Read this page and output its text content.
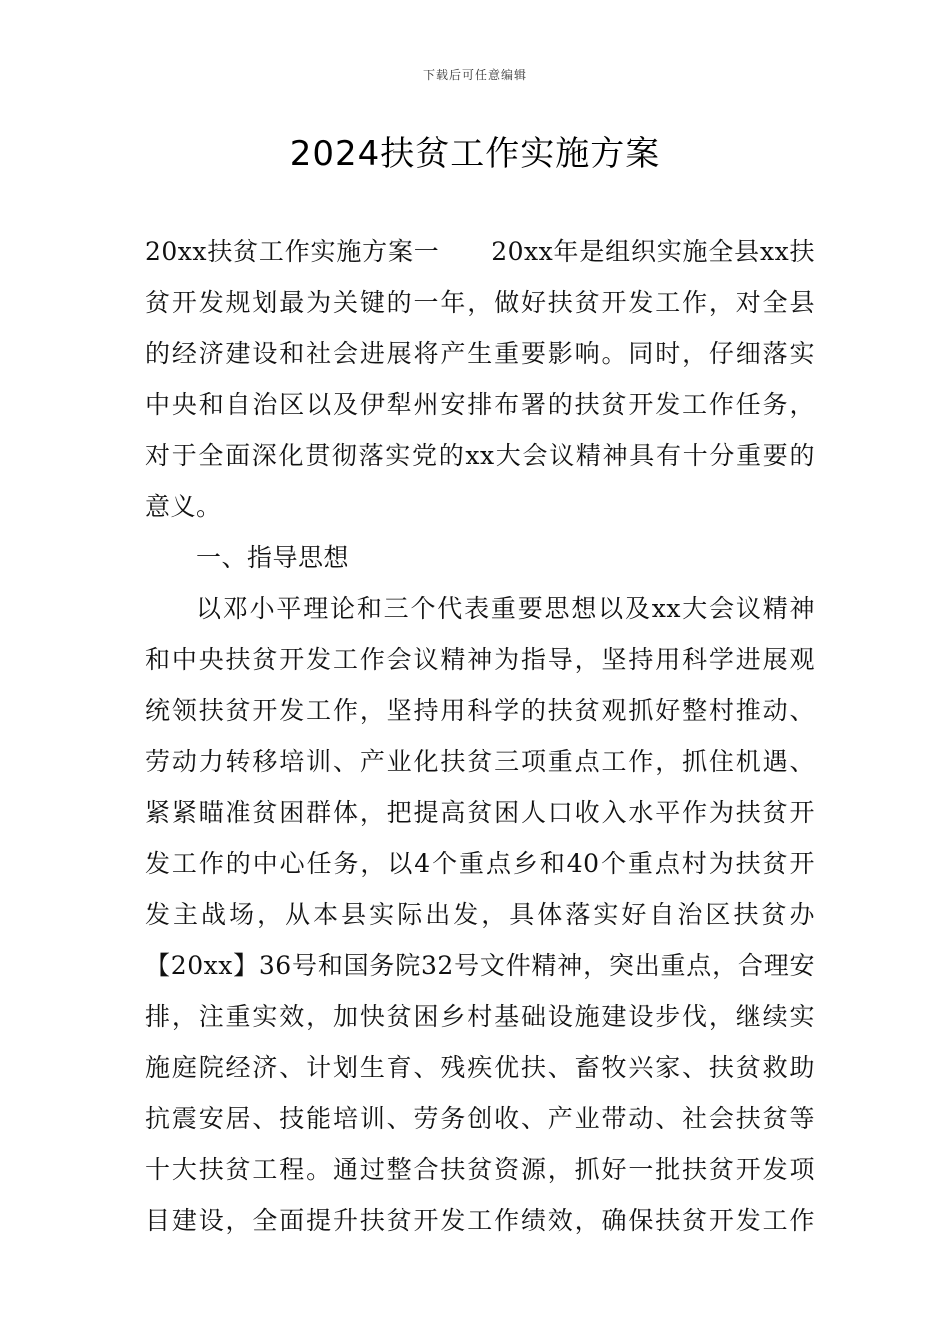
下载后可任意编辑
2024扶贫工作实施方案
20xx扶贫工作实施方案一　　20xx年是组织实施全县xx扶
贫开发规划最为关键的一年，做好扶贫开发工作，对全县
的经济建设和社会进展将产生重要影响。同时，仔细落实
中央和自治区以及伊犁州安排布署的扶贫开发工作任务，
对于全面深化贯彻落实党的xx大会议精神具有十分重要的
意义。
一、指导思想
以邓小平理论和三个代表重要思想以及xx大会议精神
和中央扶贫开发工作会议精神为指导，坚持用科学进展观
统领扶贫开发工作，坚持用科学的扶贫观抓好整村推动、
劳动力转移培训、产业化扶贫三项重点工作，抓住机遇、
紧紧瞄准贫困群体，把提高贫困人口收入水平作为扶贫开
发工作的中心任务，以4个重点乡和40个重点村为扶贫开
发主战场，从本县实际出发，具体落实好自治区扶贫办
【20xx】36号和国务院32号文件精神，突出重点，合理安
排，注重实效，加快贫困乡村基础设施建设步伐，继续实
施庭院经济、计划生育、残疾优扶、畜牧兴家、扶贫救助
抗震安居、技能培训、劳务创收、产业带动、社会扶贫等
十大扶贫工程。通过整合扶贫资源，抓好一批扶贫开发项
目建设，全面提升扶贫开发工作绩效，确保扶贫开发工作
